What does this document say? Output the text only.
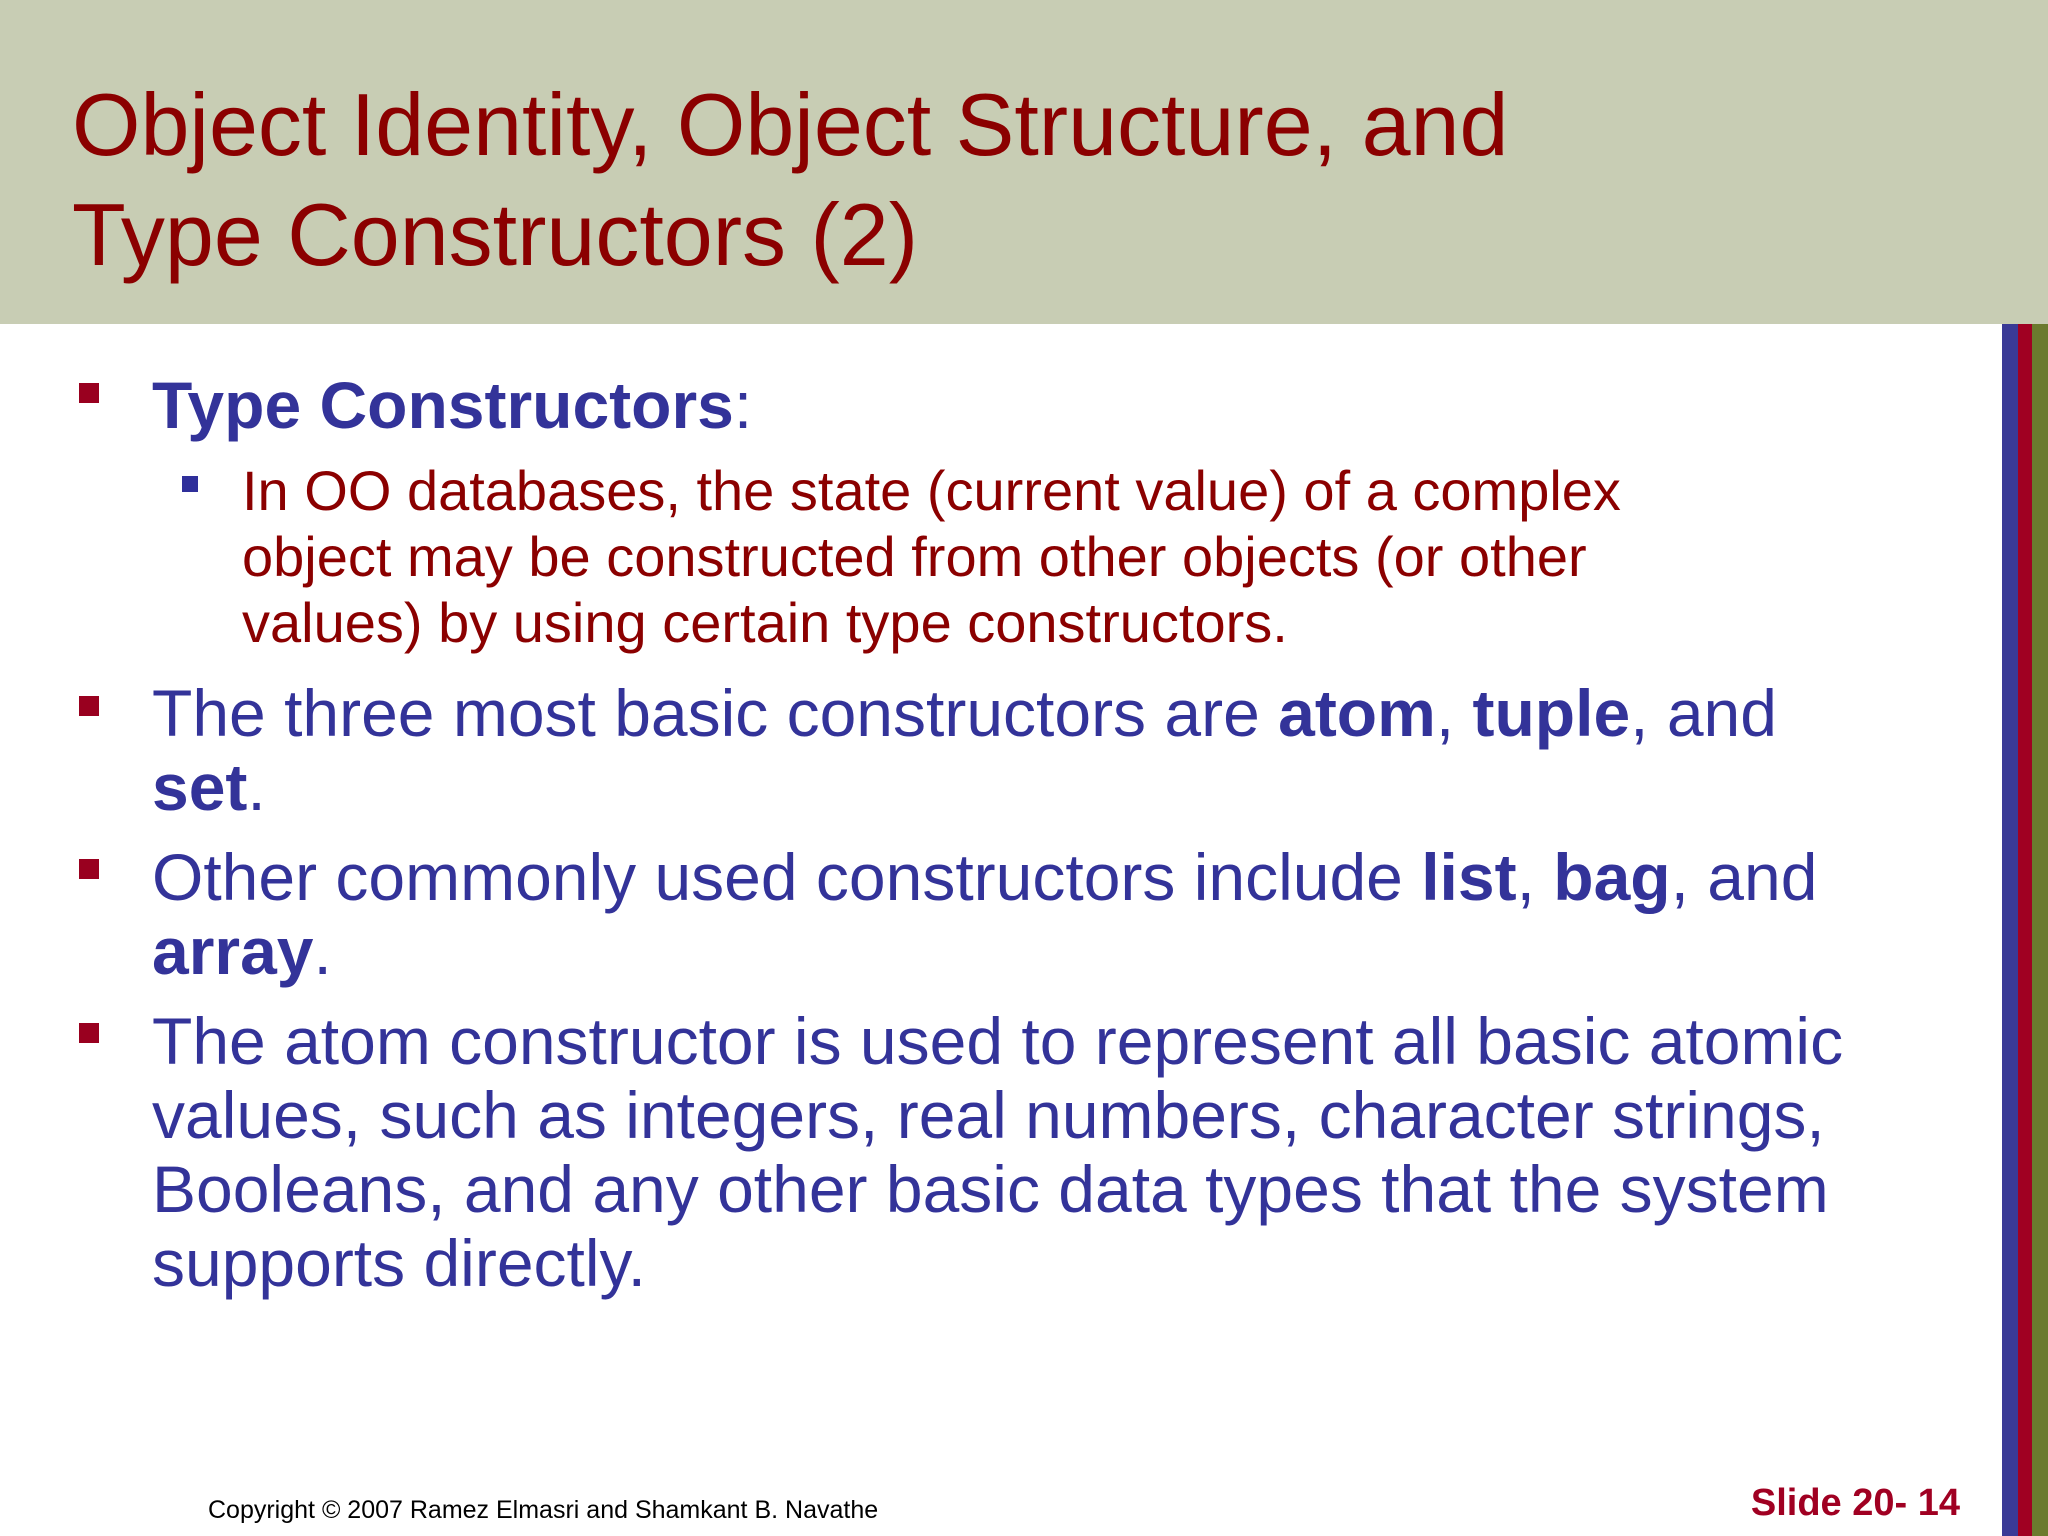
Object Identity, Object Structure, and
Type Constructors (2)

Type Constructors:

In OO databases, the state (current value) of a complex
object may be constructed from other objects (or other
values) by using certain type constructors.

The three most basic constructors are atom, tuple, and
set.

Other commonly used constructors include list, bag, and
array.

The atom constructor is used to represent all basic atomic
values, such as integers, real numbers, character strings,
Booleans, and any other basic data types that the system
supports directly.

Copyright © 2007 Ramez Elmasri and Shamkant B. Navathe	Slide 20- 14
